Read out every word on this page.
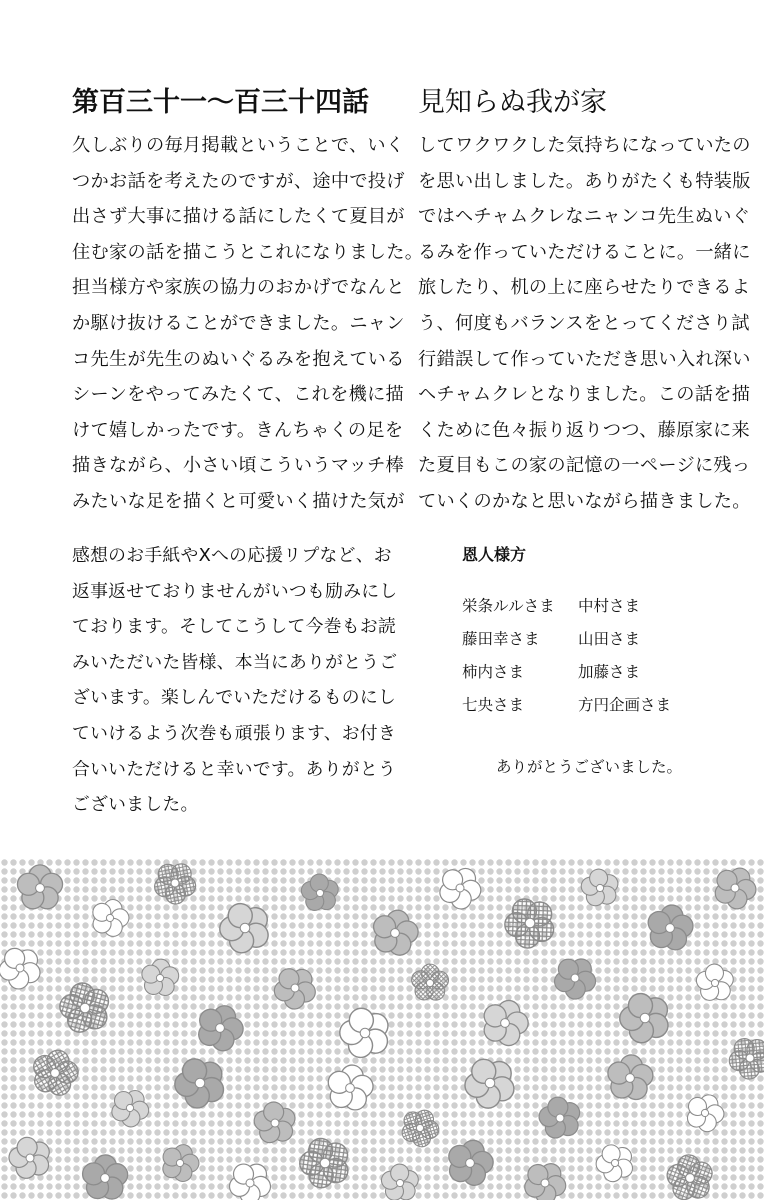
第百三十一〜百三十四話 見知らぬ我が家
久しぶりの毎月掲載ということで、いく
つかお話を考えたのですが、途中で投げ
出さず大事に描ける話にしたくて夏目が
住む家の話を描こうとこれになりました。
担当様方や家族の協力のおかげでなんと
か駆け抜けることができました。ニャン
コ先生が先生のぬいぐるみを抱えている
シーンをやってみたくて、これを機に描
けて嬉しかったです。きんちゃくの足を
描きながら、小さい頃こういうマッチ棒
みたいな足を描くと可愛いく描けた気が
してワクワクした気持ちになっていたの
を思い出しました。ありがたくも特装版
ではヘチャムクレなニャンコ先生ぬいぐ
るみを作っていただけることに。一緒に
旅したり、机の上に座らせたりできるよ
う、何度もバランスをとってくださり試
行錯誤して作っていただき思い入れ深い
ヘチャムクレとなりました。この話を描
くために色々振り返りつつ、藤原家に来
た夏目もこの家の記憶の一ページに残っ
ていくのかなと思いながら描きました。
感想のお手紙やXへの応援リプなど、お
返事返せておりませんがいつも励みにし
ております。そしてこうして今巻もお読
みいただいた皆様、本当にありがとうご
ざいます。楽しんでいただけるものにし
ていけるよう次巻も頑張ります、お付き
合いいただけると幸いです。ありがとう
ございました。
恩人様方
栄条ルルさま	中村さま
藤田幸さま	山田さま
柿内さま	加藤さま
七央さま	方円企画さま
ありがとうございました。
